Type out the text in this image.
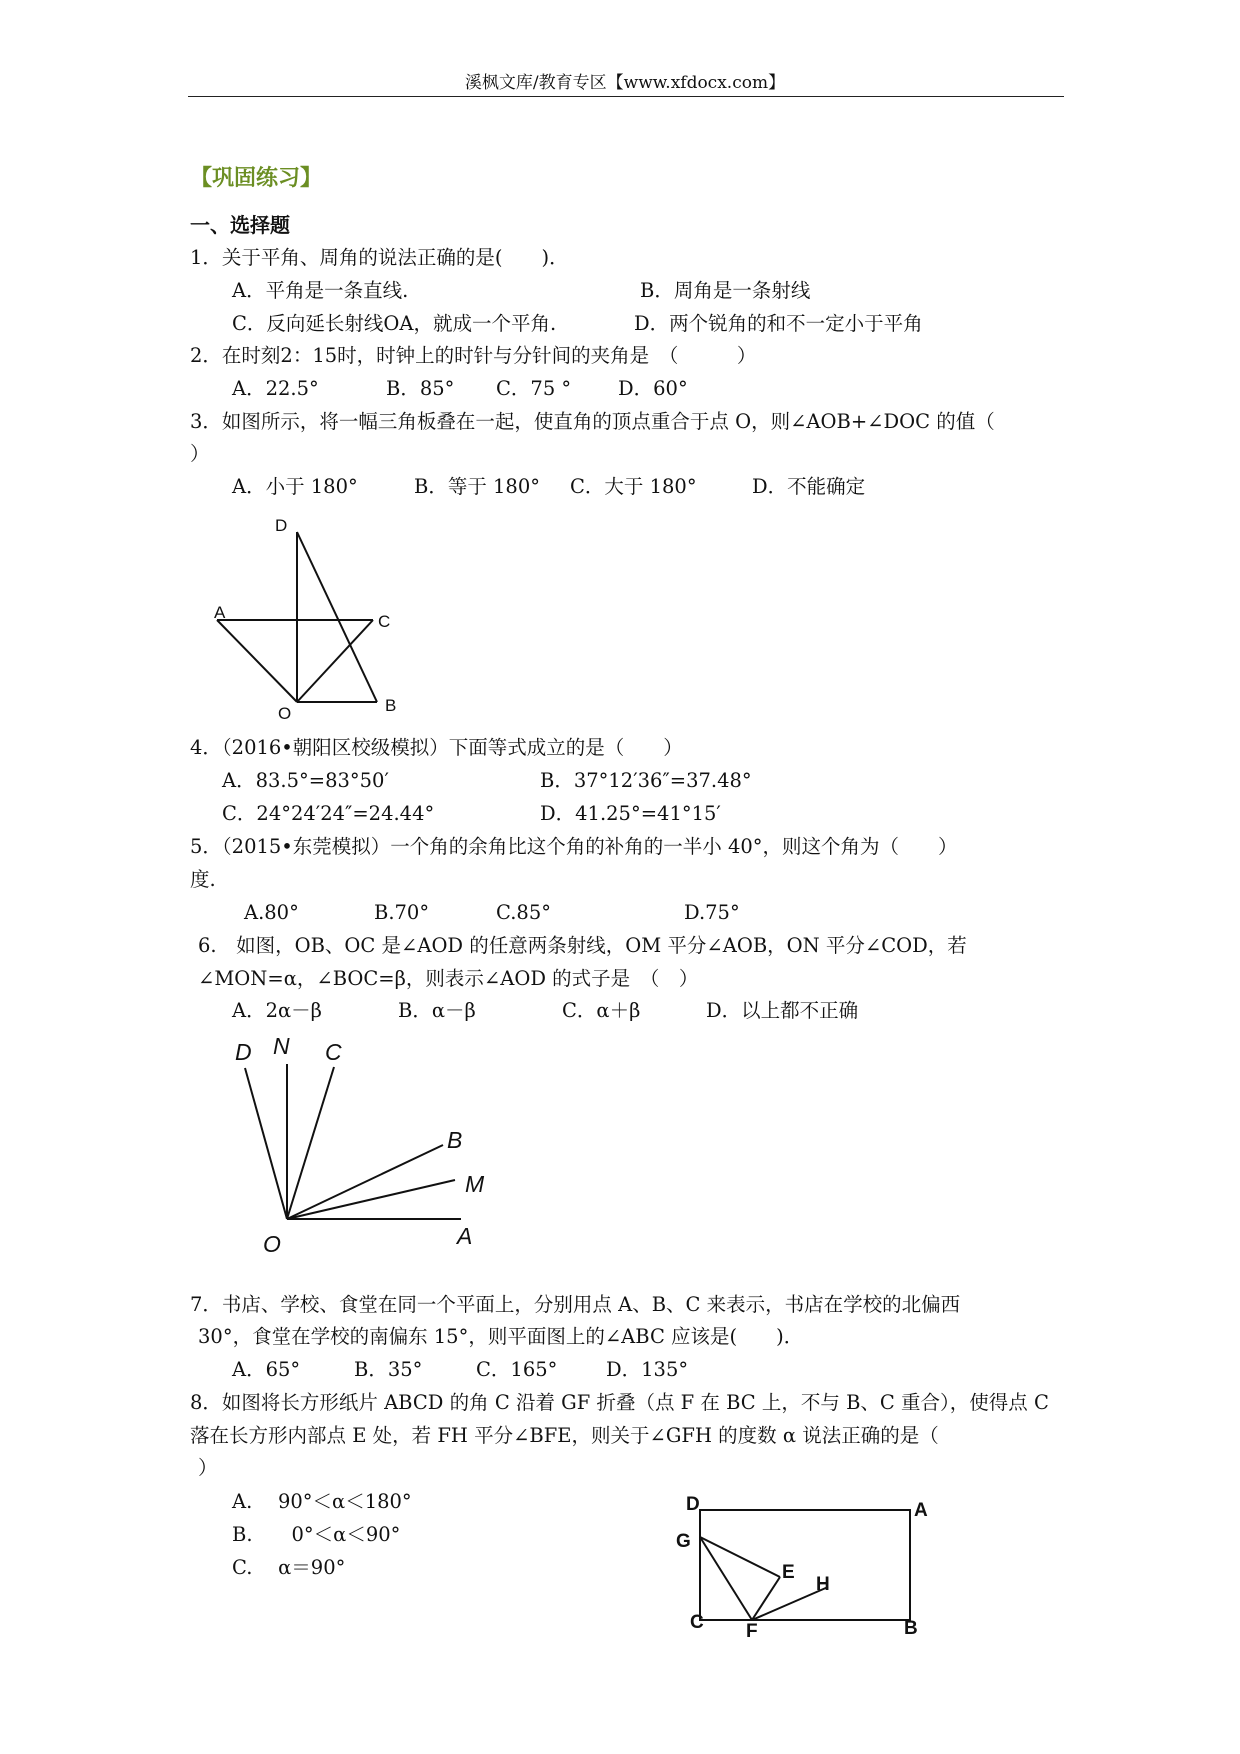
溪枫文库/教育专区【www.xfdocx.com】
【巩固练习】
一、选择题
1．关于平角、周角的说法正确的是(　　)．
A．平角是一条直线.	B．周角是一条射线
C．反向延长射线OA，就成一个平角.	D．两个锐角的和不一定小于平角
2．在时刻2：15时，时钟上的时针与分针间的夹角是　（　　　）
A．22.5°	B．85° C．75 ° D．60°
3．如图所示，将一幅三角板叠在一起，使直角的顶点重合于点 O，则∠AOB+∠DOC 的值（
）
A．小于 180°	B．等于 180° C．大于 180°	D．不能确定
D
A	C
O	B
4．（2016•朝阳区校级模拟）下面等式成立的是（　　）
A．83.5°=83°50′	B．37°12′36″=37.48°
C．24°24′24″=24.44°	D．41.25°=41°15′
5．（2015•东莞模拟）一个角的余角比这个角的补角的一半小 40°，则这个角为（　　）
度.
A.80°	B.70°	C.85°	D.75°
6.　如图，OB、OC 是∠AOD 的任意两条射线，OM 平分∠AOB，ON 平分∠COD，若
∠MON=α，∠BOC=β，则表示∠AOD 的式子是　（　）
A．2α－β	B．α－β	C．α＋β	D．以上都不正确
D N C
B
M
O	A
7．书店、学校、食堂在同一个平面上，分别用点 A、B、C 来表示，书店在学校的北偏西
30°，食堂在学校的南偏东 15°，则平面图上的∠ABC 应该是(　　)．
A．65°	B．35°	C．165° D．135°
8．如图将长方形纸片 ABCD 的角 C 沿着 GF 折叠（点 F 在 BC 上，不与 B、C 重合），使得点 C
落在长方形内部点 E 处，若 FH 平分∠BFE，则关于∠GFH 的度数 α 说法正确的是（
）
A.　 90°＜α＜180°
B.　　0°＜α＜90°
C.　 α＝90°
D	A
G
E
H
C F	B
